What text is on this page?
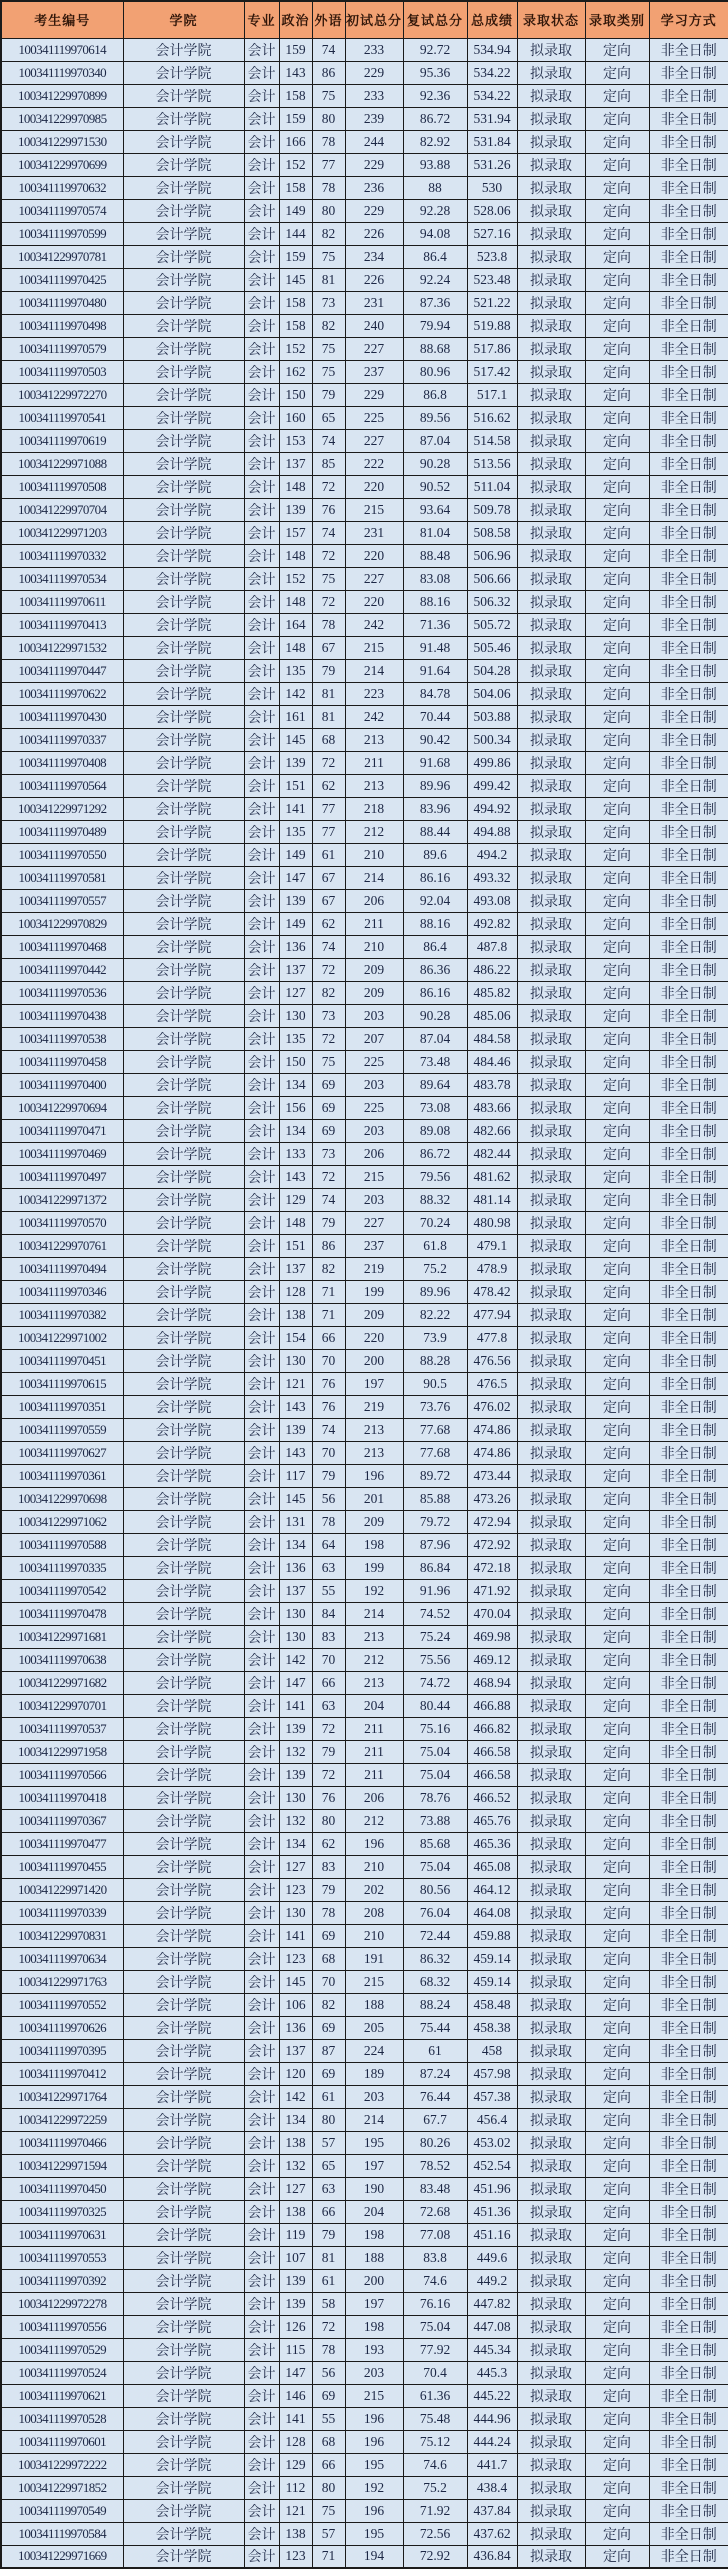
考生编号	学院	专业	政治	外语	初试总分	复试总分	总成绩	录取状态	录取类别	学习方式
100341119970614	会计学院	会计	159	74	233	92.72	534.94	拟录取	定向	非全日制
100341119970340	会计学院	会计	143	86	229	95.36	534.22	拟录取	定向	非全日制
100341229970899	会计学院	会计	158	75	233	92.36	534.22	拟录取	定向	非全日制
100341229970985	会计学院	会计	159	80	239	86.72	531.94	拟录取	定向	非全日制
100341229971530	会计学院	会计	166	78	244	82.92	531.84	拟录取	定向	非全日制
100341229970699	会计学院	会计	152	77	229	93.88	531.26	拟录取	定向	非全日制
100341119970632	会计学院	会计	158	78	236	88	530	拟录取	定向	非全日制
100341119970574	会计学院	会计	149	80	229	92.28	528.06	拟录取	定向	非全日制
100341119970599	会计学院	会计	144	82	226	94.08	527.16	拟录取	定向	非全日制
100341229970781	会计学院	会计	159	75	234	86.4	523.8	拟录取	定向	非全日制
100341119970425	会计学院	会计	145	81	226	92.24	523.48	拟录取	定向	非全日制
100341119970480	会计学院	会计	158	73	231	87.36	521.22	拟录取	定向	非全日制
100341119970498	会计学院	会计	158	82	240	79.94	519.88	拟录取	定向	非全日制
100341119970579	会计学院	会计	152	75	227	88.68	517.86	拟录取	定向	非全日制
100341119970503	会计学院	会计	162	75	237	80.96	517.42	拟录取	定向	非全日制
100341229972270	会计学院	会计	150	79	229	86.8	517.1	拟录取	定向	非全日制
100341119970541	会计学院	会计	160	65	225	89.56	516.62	拟录取	定向	非全日制
100341119970619	会计学院	会计	153	74	227	87.04	514.58	拟录取	定向	非全日制
100341229971088	会计学院	会计	137	85	222	90.28	513.56	拟录取	定向	非全日制
100341119970508	会计学院	会计	148	72	220	90.52	511.04	拟录取	定向	非全日制
100341229970704	会计学院	会计	139	76	215	93.64	509.78	拟录取	定向	非全日制
100341229971203	会计学院	会计	157	74	231	81.04	508.58	拟录取	定向	非全日制
100341119970332	会计学院	会计	148	72	220	88.48	506.96	拟录取	定向	非全日制
100341119970534	会计学院	会计	152	75	227	83.08	506.66	拟录取	定向	非全日制
100341119970611	会计学院	会计	148	72	220	88.16	506.32	拟录取	定向	非全日制
100341119970413	会计学院	会计	164	78	242	71.36	505.72	拟录取	定向	非全日制
100341229971532	会计学院	会计	148	67	215	91.48	505.46	拟录取	定向	非全日制
100341119970447	会计学院	会计	135	79	214	91.64	504.28	拟录取	定向	非全日制
100341119970622	会计学院	会计	142	81	223	84.78	504.06	拟录取	定向	非全日制
100341119970430	会计学院	会计	161	81	242	70.44	503.88	拟录取	定向	非全日制
100341119970337	会计学院	会计	145	68	213	90.42	500.34	拟录取	定向	非全日制
100341119970408	会计学院	会计	139	72	211	91.68	499.86	拟录取	定向	非全日制
100341119970564	会计学院	会计	151	62	213	89.96	499.42	拟录取	定向	非全日制
100341229971292	会计学院	会计	141	77	218	83.96	494.92	拟录取	定向	非全日制
100341119970489	会计学院	会计	135	77	212	88.44	494.88	拟录取	定向	非全日制
100341119970550	会计学院	会计	149	61	210	89.6	494.2	拟录取	定向	非全日制
100341119970581	会计学院	会计	147	67	214	86.16	493.32	拟录取	定向	非全日制
100341119970557	会计学院	会计	139	67	206	92.04	493.08	拟录取	定向	非全日制
100341229970829	会计学院	会计	149	62	211	88.16	492.82	拟录取	定向	非全日制
100341119970468	会计学院	会计	136	74	210	86.4	487.8	拟录取	定向	非全日制
100341119970442	会计学院	会计	137	72	209	86.36	486.22	拟录取	定向	非全日制
100341119970536	会计学院	会计	127	82	209	86.16	485.82	拟录取	定向	非全日制
100341119970438	会计学院	会计	130	73	203	90.28	485.06	拟录取	定向	非全日制
100341119970538	会计学院	会计	135	72	207	87.04	484.58	拟录取	定向	非全日制
100341119970458	会计学院	会计	150	75	225	73.48	484.46	拟录取	定向	非全日制
100341119970400	会计学院	会计	134	69	203	89.64	483.78	拟录取	定向	非全日制
100341229970694	会计学院	会计	156	69	225	73.08	483.66	拟录取	定向	非全日制
100341119970471	会计学院	会计	134	69	203	89.08	482.66	拟录取	定向	非全日制
100341119970469	会计学院	会计	133	73	206	86.72	482.44	拟录取	定向	非全日制
100341119970497	会计学院	会计	143	72	215	79.56	481.62	拟录取	定向	非全日制
100341229971372	会计学院	会计	129	74	203	88.32	481.14	拟录取	定向	非全日制
100341119970570	会计学院	会计	148	79	227	70.24	480.98	拟录取	定向	非全日制
100341229970761	会计学院	会计	151	86	237	61.8	479.1	拟录取	定向	非全日制
100341119970494	会计学院	会计	137	82	219	75.2	478.9	拟录取	定向	非全日制
100341119970346	会计学院	会计	128	71	199	89.96	478.42	拟录取	定向	非全日制
100341119970382	会计学院	会计	138	71	209	82.22	477.94	拟录取	定向	非全日制
100341229971002	会计学院	会计	154	66	220	73.9	477.8	拟录取	定向	非全日制
100341119970451	会计学院	会计	130	70	200	88.28	476.56	拟录取	定向	非全日制
100341119970615	会计学院	会计	121	76	197	90.5	476.5	拟录取	定向	非全日制
100341119970351	会计学院	会计	143	76	219	73.76	476.02	拟录取	定向	非全日制
100341119970559	会计学院	会计	139	74	213	77.68	474.86	拟录取	定向	非全日制
100341119970627	会计学院	会计	143	70	213	77.68	474.86	拟录取	定向	非全日制
100341119970361	会计学院	会计	117	79	196	89.72	473.44	拟录取	定向	非全日制
100341229970698	会计学院	会计	145	56	201	85.88	473.26	拟录取	定向	非全日制
100341229971062	会计学院	会计	131	78	209	79.72	472.94	拟录取	定向	非全日制
100341119970588	会计学院	会计	134	64	198	87.96	472.92	拟录取	定向	非全日制
100341119970335	会计学院	会计	136	63	199	86.84	472.18	拟录取	定向	非全日制
100341119970542	会计学院	会计	137	55	192	91.96	471.92	拟录取	定向	非全日制
100341119970478	会计学院	会计	130	84	214	74.52	470.04	拟录取	定向	非全日制
100341229971681	会计学院	会计	130	83	213	75.24	469.98	拟录取	定向	非全日制
100341119970638	会计学院	会计	142	70	212	75.56	469.12	拟录取	定向	非全日制
100341229971682	会计学院	会计	147	66	213	74.72	468.94	拟录取	定向	非全日制
100341229970701	会计学院	会计	141	63	204	80.44	466.88	拟录取	定向	非全日制
100341119970537	会计学院	会计	139	72	211	75.16	466.82	拟录取	定向	非全日制
100341229971958	会计学院	会计	132	79	211	75.04	466.58	拟录取	定向	非全日制
100341119970566	会计学院	会计	139	72	211	75.04	466.58	拟录取	定向	非全日制
100341119970418	会计学院	会计	130	76	206	78.76	466.52	拟录取	定向	非全日制
100341119970367	会计学院	会计	132	80	212	73.88	465.76	拟录取	定向	非全日制
100341119970477	会计学院	会计	134	62	196	85.68	465.36	拟录取	定向	非全日制
100341119970455	会计学院	会计	127	83	210	75.04	465.08	拟录取	定向	非全日制
100341229971420	会计学院	会计	123	79	202	80.56	464.12	拟录取	定向	非全日制
100341119970339	会计学院	会计	130	78	208	76.04	464.08	拟录取	定向	非全日制
100341229970831	会计学院	会计	141	69	210	72.44	459.88	拟录取	定向	非全日制
100341119970634	会计学院	会计	123	68	191	86.32	459.14	拟录取	定向	非全日制
100341229971763	会计学院	会计	145	70	215	68.32	459.14	拟录取	定向	非全日制
100341119970552	会计学院	会计	106	82	188	88.24	458.48	拟录取	定向	非全日制
100341119970626	会计学院	会计	136	69	205	75.44	458.38	拟录取	定向	非全日制
100341119970395	会计学院	会计	137	87	224	61	458	拟录取	定向	非全日制
100341119970412	会计学院	会计	120	69	189	87.24	457.98	拟录取	定向	非全日制
100341229971764	会计学院	会计	142	61	203	76.44	457.38	拟录取	定向	非全日制
100341229972259	会计学院	会计	134	80	214	67.7	456.4	拟录取	定向	非全日制
100341119970466	会计学院	会计	138	57	195	80.26	453.02	拟录取	定向	非全日制
100341229971594	会计学院	会计	132	65	197	78.52	452.54	拟录取	定向	非全日制
100341119970450	会计学院	会计	127	63	190	83.48	451.96	拟录取	定向	非全日制
100341119970325	会计学院	会计	138	66	204	72.68	451.36	拟录取	定向	非全日制
100341119970631	会计学院	会计	119	79	198	77.08	451.16	拟录取	定向	非全日制
100341119970553	会计学院	会计	107	81	188	83.8	449.6	拟录取	定向	非全日制
100341119970392	会计学院	会计	139	61	200	74.6	449.2	拟录取	定向	非全日制
100341229972278	会计学院	会计	139	58	197	76.16	447.82	拟录取	定向	非全日制
100341119970556	会计学院	会计	126	72	198	75.04	447.08	拟录取	定向	非全日制
100341119970529	会计学院	会计	115	78	193	77.92	445.34	拟录取	定向	非全日制
100341119970524	会计学院	会计	147	56	203	70.4	445.3	拟录取	定向	非全日制
100341119970621	会计学院	会计	146	69	215	61.36	445.22	拟录取	定向	非全日制
100341119970528	会计学院	会计	141	55	196	75.48	444.96	拟录取	定向	非全日制
100341119970601	会计学院	会计	128	68	196	75.12	444.24	拟录取	定向	非全日制
100341229972222	会计学院	会计	129	66	195	74.6	441.7	拟录取	定向	非全日制
100341229971852	会计学院	会计	112	80	192	75.2	438.4	拟录取	定向	非全日制
100341119970549	会计学院	会计	121	75	196	71.92	437.84	拟录取	定向	非全日制
100341119970584	会计学院	会计	138	57	195	72.56	437.62	拟录取	定向	非全日制
100341229971669	会计学院	会计	123	71	194	72.92	436.84	拟录取	定向	非全日制
